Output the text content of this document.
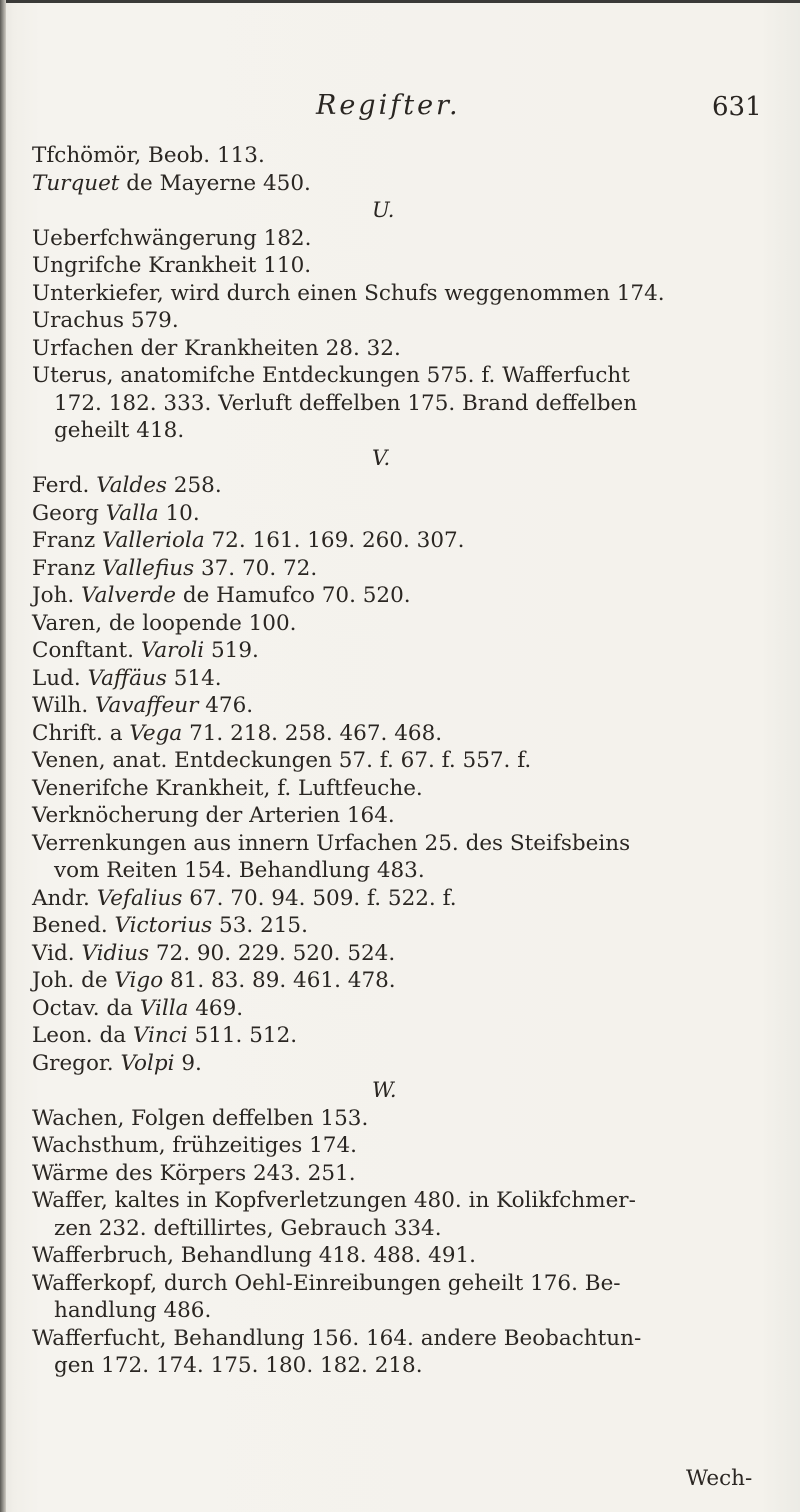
Regifter.	631
Tfchömör, Beob. 113.
Turquet de Mayerne 450.
U.
Ueberfchwängerung 182.
Ungrifche Krankheit 110.
Unterkiefer, wird durch einen Schufs weggenommen 174.
Urachus 579.
Urfachen der Krankheiten 28. 32.
Uterus, anatomifche Entdeckungen 575. f. Wafferfucht
172. 182. 333. Verluft deffelben 175. Brand deffelben
geheilt 418.
V.
Ferd. Valdes 258.
Georg Valla 10.
Franz Valleriola 72. 161. 169. 260. 307.
Franz Vallefius 37. 70. 72.
Joh. Valverde de Hamufco 70. 520.
Varen, de loopende 100.
Conftant. Varoli 519.
Lud. Vaffäus 514.
Wilh. Vavaffeur 476.
Chrift. a Vega 71. 218. 258. 467. 468.
Venen, anat. Entdeckungen 57. f. 67. f. 557. f.
Venerifche Krankheit, f. Luftfeuche.
Verknöcherung der Arterien 164.
Verrenkungen aus innern Urfachen 25. des Steifsbeins
vom Reiten 154. Behandlung 483.
Andr. Vefalius 67. 70. 94. 509. f. 522. f.
Bened. Victorius 53. 215.
Vid. Vidius 72. 90. 229. 520. 524.
Joh. de Vigo 81. 83. 89. 461. 478.
Octav. da Villa 469.
Leon. da Vinci 511. 512.
Gregor. Volpi 9.
W.
Wachen, Folgen deffelben 153.
Wachsthum, frühzeitiges 174.
Wärme des Körpers 243. 251.
Waffer, kaltes in Kopfverletzungen 480. in Kolikfchmer-
zen 232. deftillirtes, Gebrauch 334.
Wafferbruch, Behandlung 418. 488. 491.
Wafferkopf, durch Oehl-Einreibungen geheilt 176. Be-
handlung 486.
Wafferfucht, Behandlung 156. 164. andere Beobachtun-
gen 172. 174. 175. 180. 182. 218.
Wech-
